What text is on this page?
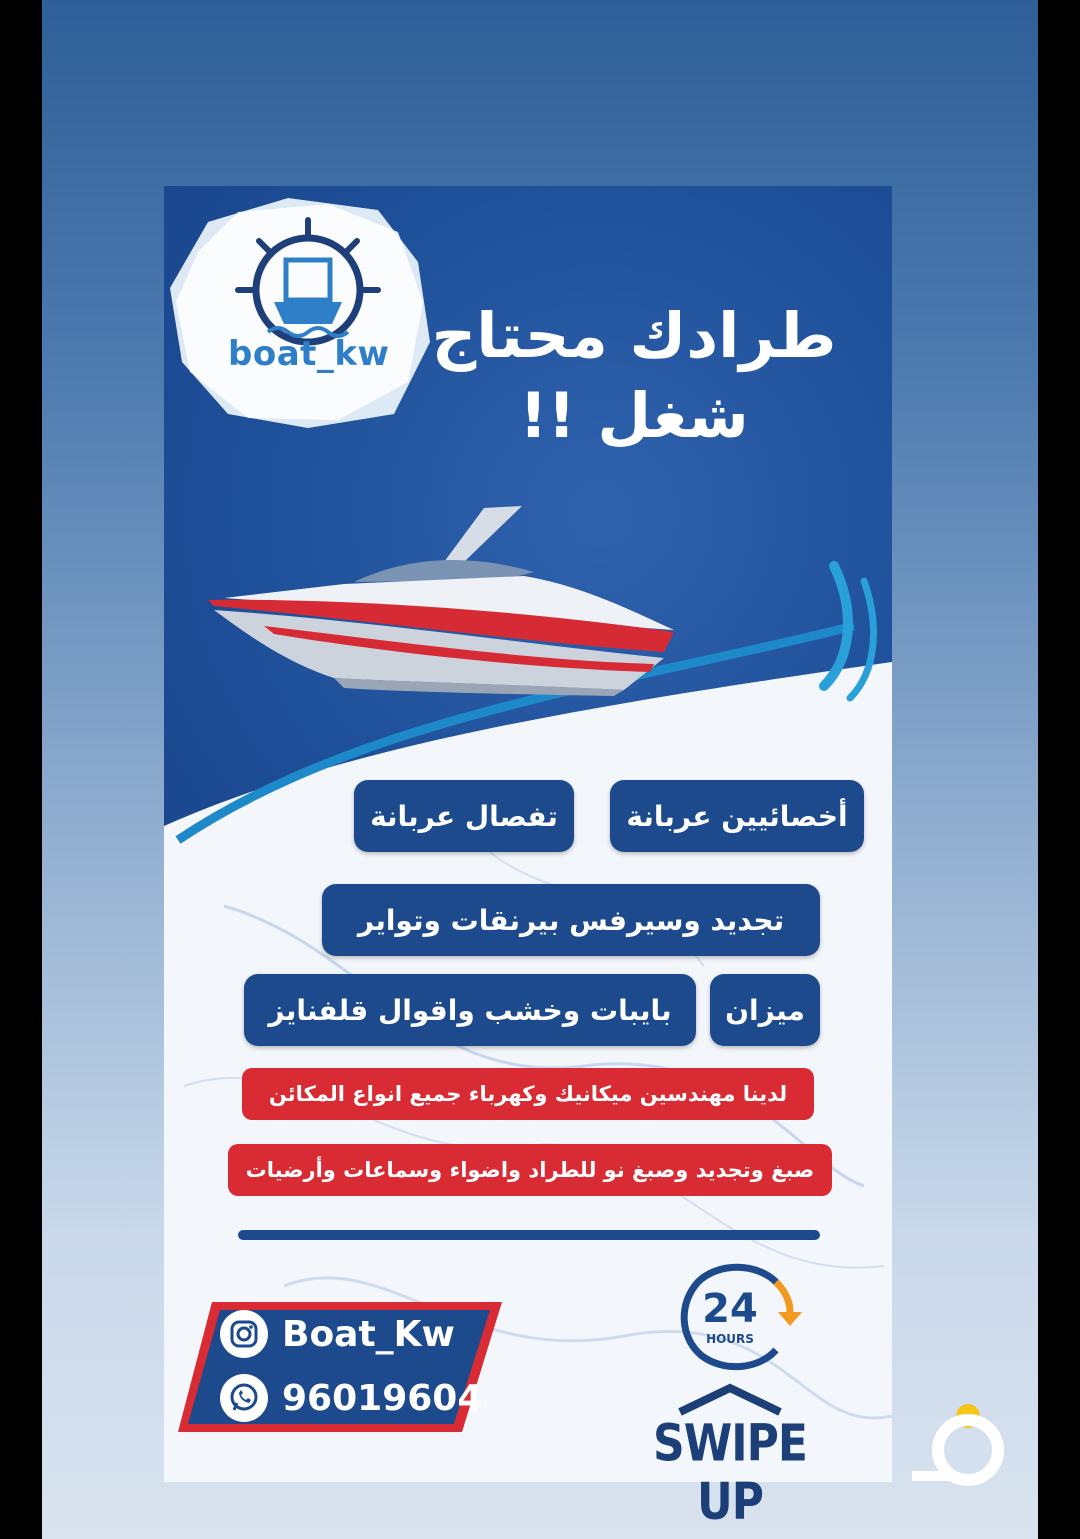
boat_kw طرادك محتاج
شغل !!
أخصائيين عربانة
تفصال عربانة
تجديد وسيرفس بيرنقات وتواير
ميزان
بايبات وخشب واقوال قلفنايز
لدينا مهندسين ميكانيك وكهرباء جميع انواع المكائن
صبغ وتجديد وصبغ نو للطراد واضواء وسماعات وأرضيات
Boat_Kw
96019604
24
HOURS
SWIPE UP
